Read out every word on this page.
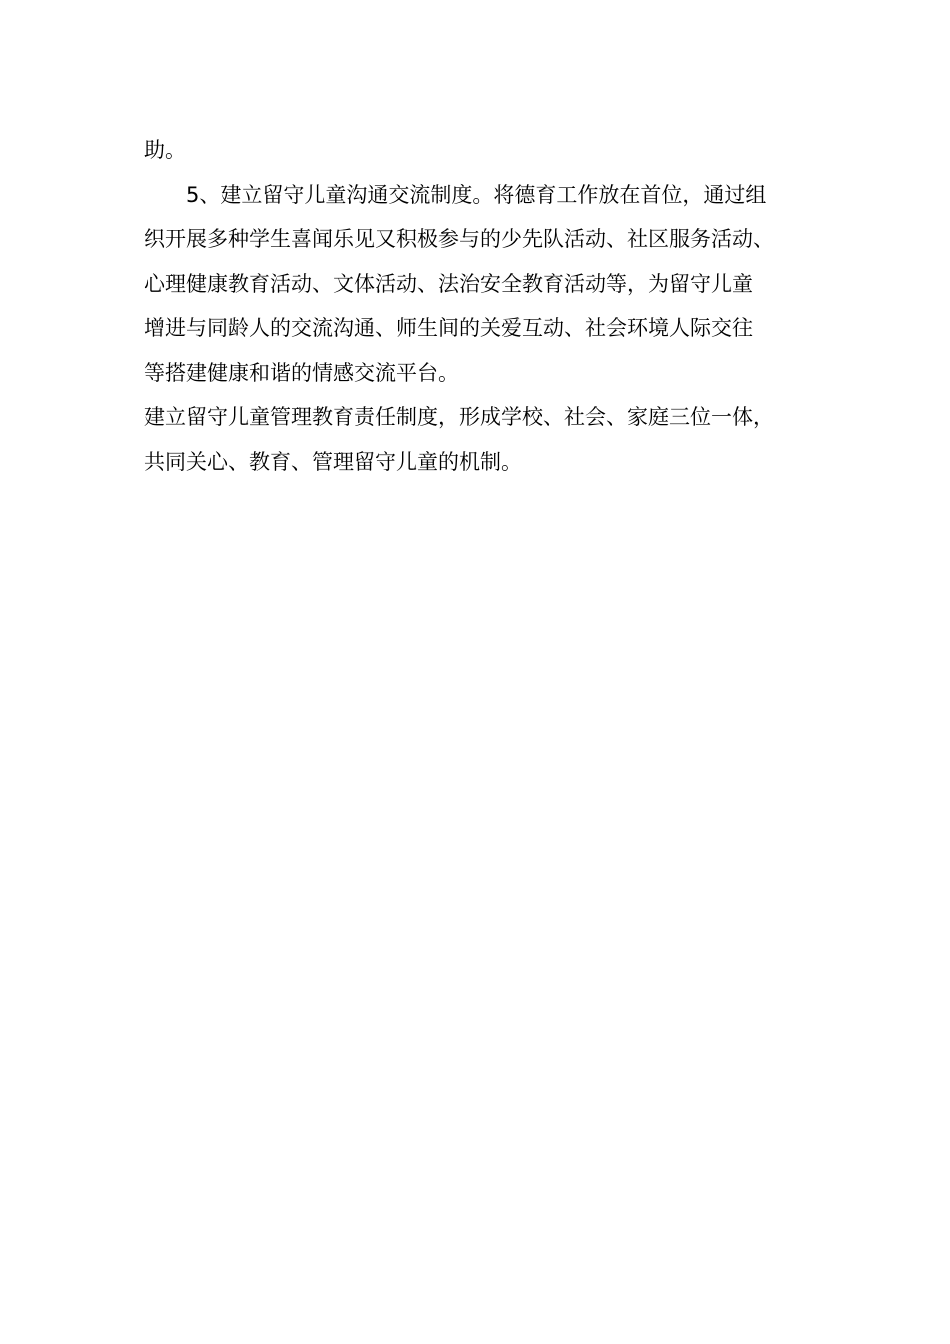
助。
5、建立留守儿童沟通交流制度。将德育工作放在首位，通过组
织开展多种学生喜闻乐见又积极参与的少先队活动、社区服务活动、
心理健康教育活动、文体活动、法治安全教育活动等，为留守儿童
增进与同龄人的交流沟通、师生间的关爱互动、社会环境人际交往
等搭建健康和谐的情感交流平台。
建立留守儿童管理教育责任制度，形成学校、社会、家庭三位一体，
共同关心、教育、管理留守儿童的机制。
